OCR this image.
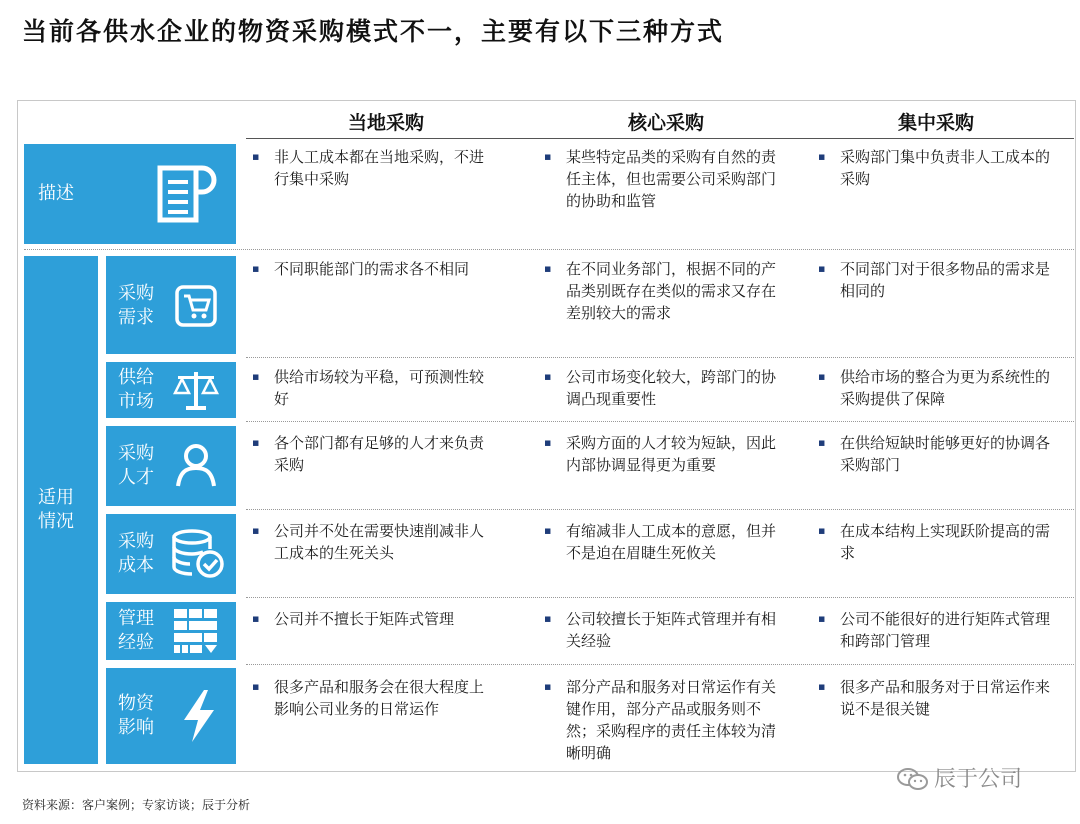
当前各供水企业的物资采购模式不一，主要有以下三种方式
当地采购	核心采购	集中采购
描述
▪ 非人工成本都在当地采购，不进行集中采购
▪ 某些特定品类的采购有自然的责任主体，但也需要公司采购部门的协助和监管
▪ 采购部门集中负责非人工成本的采购
适用情况
采购需求
▪ 不同职能部门的需求各不相同	▪ 在不同业务部门，根据不同的产品类别既存在类似的需求又存在差别较大的需求
▪ 不同部门对于很多物品的需求是相同的
供给市场
▪ 供给市场较为平稳，可预测性较好
▪ 公司市场变化较大，跨部门的协调凸现重要性
▪ 供给市场的整合为更为系统性的采购提供了保障
采购人才
▪ 各个部门都有足够的人才来负责采购
▪ 采购方面的人才较为短缺，因此内部协调显得更为重要
▪ 在供给短缺时能够更好的协调各采购部门
采购成本
▪ 公司并不处在需要快速削减非人工成本的生死关头
▪ 有缩减非人工成本的意愿，但并不是迫在眉睫生死攸关
▪ 在成本结构上实现跃阶提高的需求
管理经验
▪ 公司并不擅长于矩阵式管理	▪ 公司较擅长于矩阵式管理并有相关经验
▪ 公司不能很好的进行矩阵式管理和跨部门管理
物资影响
▪ 很多产品和服务会在很大程度上影响公司业务的日常运作
▪ 部分产品和服务对日常运作有关键作用，部分产品或服务则不然；采购程序的责任主体较为清晰明确
▪ 很多产品和服务对于日常运作来说不是很关键
资料来源：客户案例；专家访谈；辰于分析
辰于公司
